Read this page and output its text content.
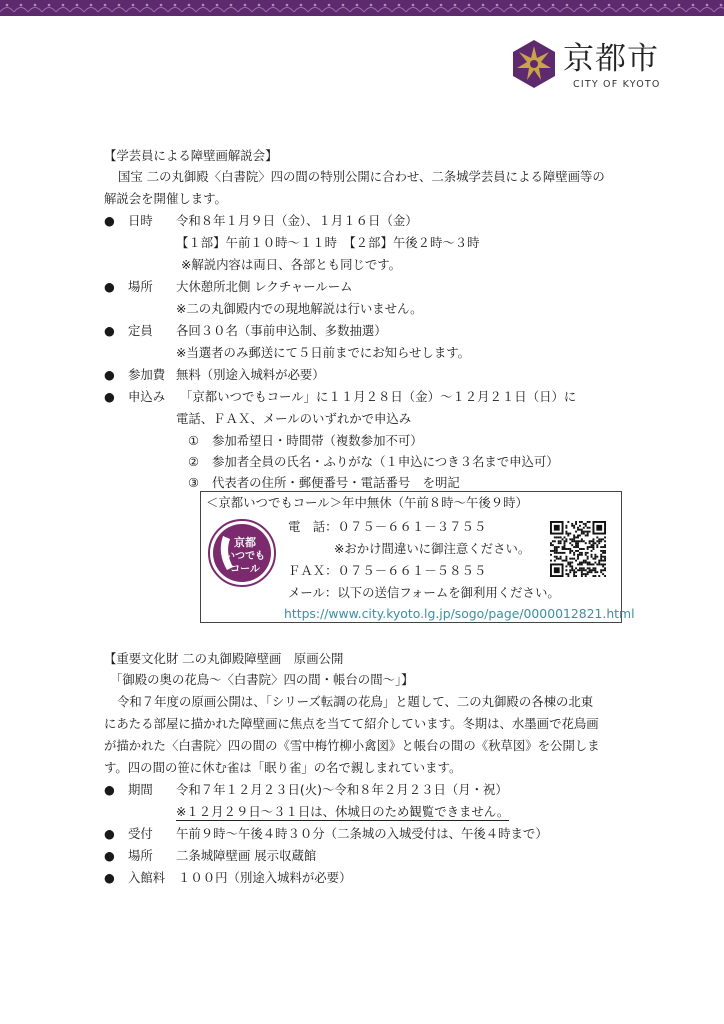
京都市
CITY OF KYOTO
【学芸員による障壁画解説会】
国宝 二の丸御殿〈白書院〉四の間の特別公開に合わせ、二条城学芸員による障壁画等の
解説会を開催します。
● 日時 令和８年１月９日（金）、１月１６日（金）
【１部】午前１０時～１１時　【２部】午後２時～３時
※解説内容は両日、各部とも同じです。
● 場所 大休憩所北側 レクチャールーム
※二の丸御殿内での現地解説は行いません。
● 定員 各回３０名（事前申込制、多数抽選）
※当選者のみ郵送にて５日前までにお知らせします。
● 参加費 無料（別途入城料が必要）
● 申込み 「京都いつでもコール」に１１月２８日（金）～１２月２１日（日）に
電話、ＦＡＸ、メールのいずれかで申込み
① 参加希望日・時間帯（複数参加不可）
② 参加者全員の氏名・ふりがな（１申込につき３名まで申込可）
③ 代表者の住所・郵便番号・電話番号　を明記
＜京都いつでもコール＞年中無休（午前８時～午後９時）
電　話：０７５－６６１－３７５５
※おかけ間違いに御注意ください。
ＦＡＸ：０７５－６６１－５８５５
メール：以下の送信フォームを御利用ください。
https://www.city.kyoto.lg.jp/sogo/page/0000012821.html
京都
いつでも
コール
【重要文化財 二の丸御殿障壁画　原画公開
「御殿の奥の花鳥～〈白書院〉四の間・帳台の間～」】
令和７年度の原画公開は、「シリーズ転調の花鳥」と題して、二の丸御殿の各棟の北東
にあたる部屋に描かれた障壁画に焦点を当てて紹介しています。冬期は、水墨画で花鳥画
が描かれた〈白書院〉四の間の《雪中梅竹柳小禽図》と帳台の間の《秋草図》を公開しま
す。四の間の笹に休む雀は「眠り雀」の名で親しまれています。
● 期間 令和７年１２月２３日(火)～令和８年２月２３日（月・祝）
※１２月２９日～３１日は、休城日のため観覧できません。
● 受付 午前９時～午後４時３０分（二条城の入城受付は、午後４時まで）
● 場所 二条城障壁画 展示収蔵館
● 入館料 １００円（別途入城料が必要）
